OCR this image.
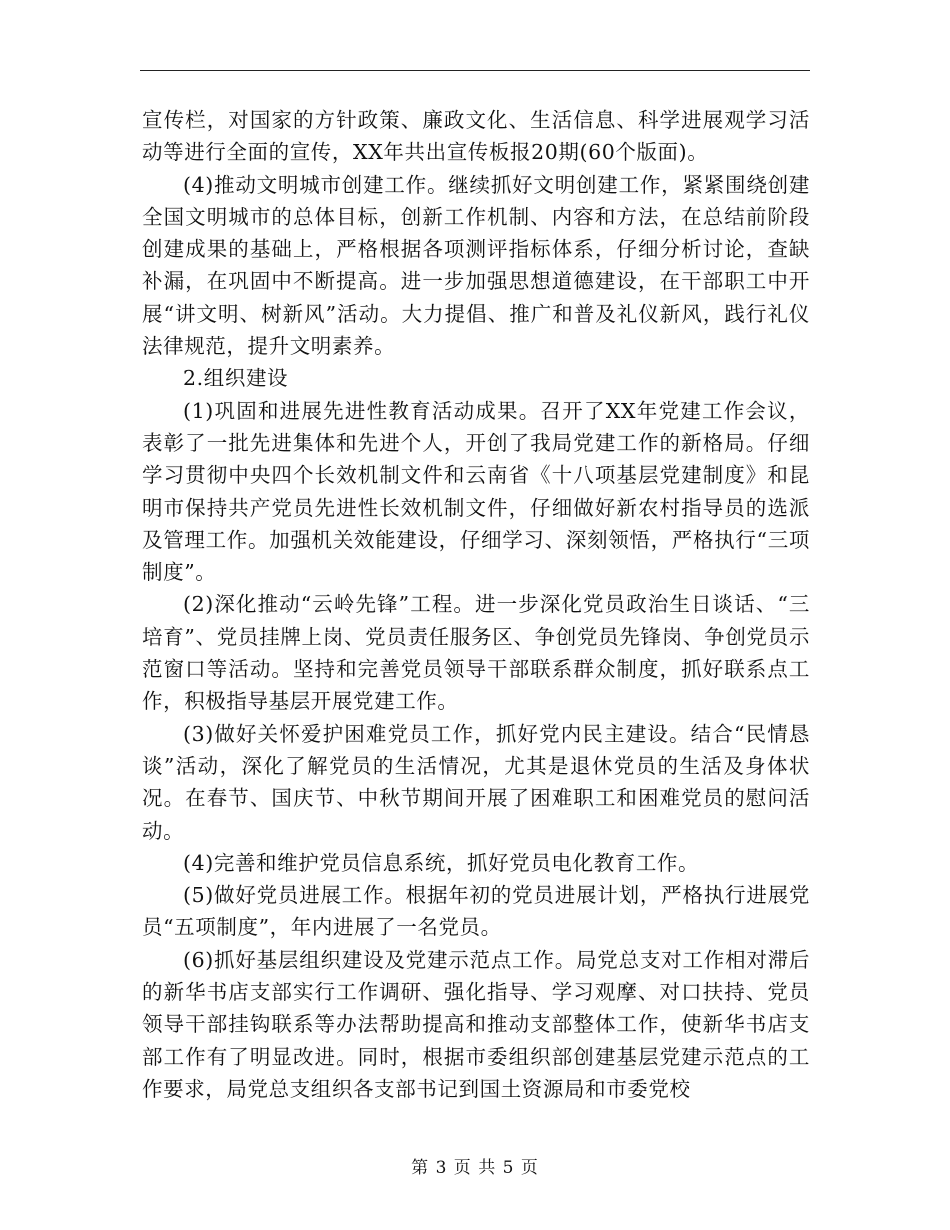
宣传栏，对国家的方针政策、廉政文化、生活信息、科学进展观学习活动等进行全面的宣传，XX年共出宣传板报20期(60个版面)。

(4)推动文明城市创建工作。继续抓好文明创建工作，紧紧围绕创建全国文明城市的总体目标，创新工作机制、内容和方法，在总结前阶段创建成果的基础上，严格根据各项测评指标体系，仔细分析讨论，查缺补漏，在巩固中不断提高。进一步加强思想道德建设，在干部职工中开展“讲文明、树新风”活动。大力提倡、推广和普及礼仪新风，践行礼仪法律规范，提升文明素养。

2.组织建设

(1)巩固和进展先进性教育活动成果。召开了XX年党建工作会议，表彰了一批先进集体和先进个人，开创了我局党建工作的新格局。仔细学习贯彻中央四个长效机制文件和云南省《十八项基层党建制度》和昆明市保持共产党员先进性长效机制文件，仔细做好新农村指导员的选派及管理工作。加强机关效能建设，仔细学习、深刻领悟，严格执行“三项制度”。

(2)深化推动“云岭先锋”工程。进一步深化党员政治生日谈话、“三培育”、党员挂牌上岗、党员责任服务区、争创党员先锋岗、争创党员示范窗口等活动。坚持和完善党员领导干部联系群众制度，抓好联系点工作，积极指导基层开展党建工作。

(3)做好关怀爱护困难党员工作，抓好党内民主建设。结合“民情恳谈”活动，深化了解党员的生活情况，尤其是退休党员的生活及身体状况。在春节、国庆节、中秋节期间开展了困难职工和困难党员的慰问活动。

(4)完善和维护党员信息系统，抓好党员电化教育工作。

(5)做好党员进展工作。根据年初的党员进展计划，严格执行进展党员“五项制度”，年内进展了一名党员。

(6)抓好基层组织建设及党建示范点工作。局党总支对工作相对滞后的新华书店支部实行工作调研、强化指导、学习观摩、对口扶持、党员领导干部挂钩联系等办法帮助提高和推动支部整体工作，使新华书店支部工作有了明显改进。同时，根据市委组织部创建基层党建示范点的工作要求，局党总支组织各支部书记到国土资源局和市委党校

第 3 页 共 5 页
